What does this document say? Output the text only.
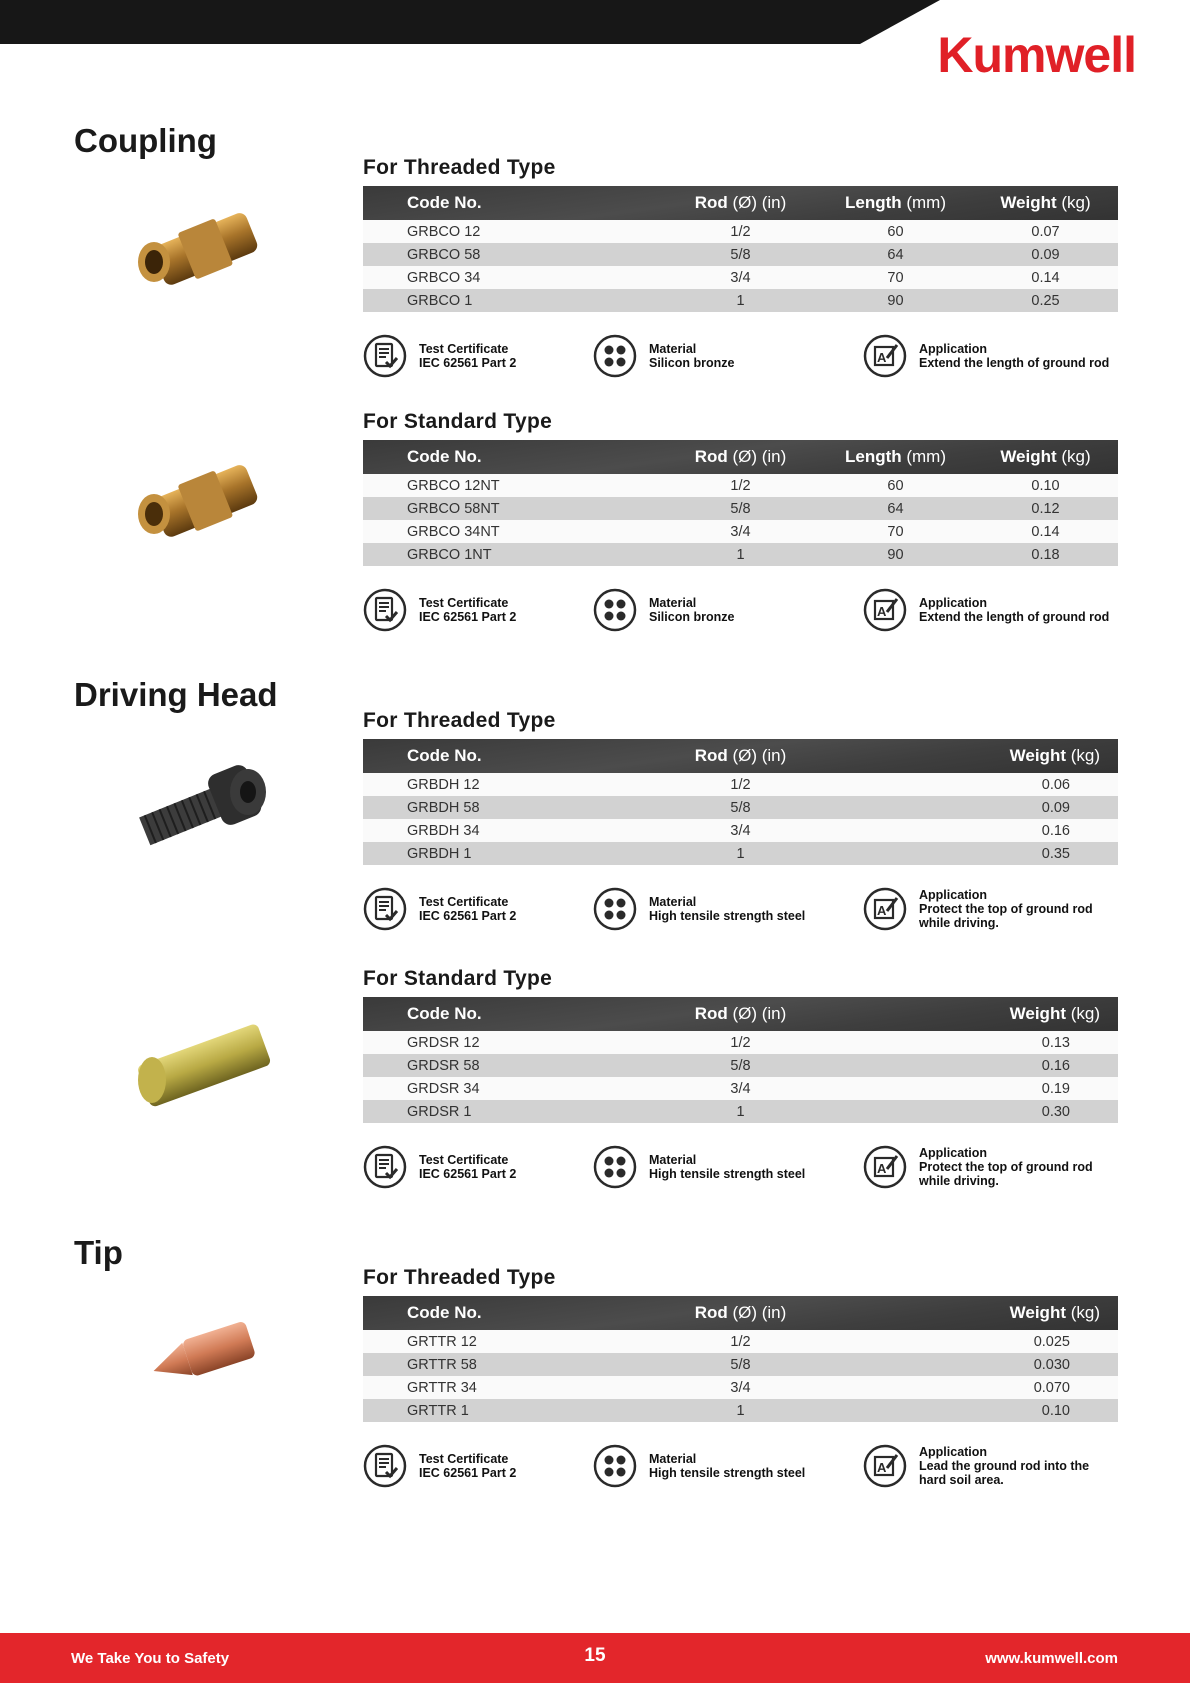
Kumwell
Coupling
Driving Head
Tip
For Threaded Type
Code No.	Rod (Ø) (in)	Length (mm)	Weight (kg)
GRBCO 12	1/2	60	0.07
GRBCO 58	5/8	64	0.09
GRBCO 34	3/4	70	0.14
GRBCO 1	1	90	0.25
Test Certificate
IEC 62561 Part 2
Material
Silicon bronze	A
Application
Extend the length of ground rod
For Standard Type
Code No.	Rod (Ø) (in)	Length (mm)	Weight (kg)
GRBCO 12NT	1/2	60	0.10
GRBCO 58NT	5/8	64	0.12
GRBCO 34NT	3/4	70	0.14
GRBCO 1NT	1	90	0.18
Test Certificate
IEC 62561 Part 2
Material
Silicon bronze	A
Application
Extend the length of ground rod
For Threaded Type
Code No.	Rod (Ø) (in)	Weight (kg)
GRBDH 12	1/2	0.06
GRBDH 58	5/8	0.09
GRBDH 34	3/4	0.16
GRBDH 1	1	0.35
Test Certificate
IEC 62561 Part 2
Material
High tensile strength steel	A
Application
Protect the top of ground rod
while driving.
For Standard Type
Code No.	Rod (Ø) (in)	Weight (kg)
GRDSR 12	1/2	0.13
GRDSR 58	5/8	0.16
GRDSR 34	3/4	0.19
GRDSR 1	1	0.30
Test Certificate
IEC 62561 Part 2
Material
High tensile strength steel	A
Application
Protect the top of ground rod
while driving.
For Threaded Type
Code No.	Rod (Ø) (in)	Weight (kg)
GRTTR 12	1/2	0.025
GRTTR 58	5/8	0.030
GRTTR 34	3/4	0.070
GRTTR 1	1	0.10
Test Certificate
IEC 62561 Part 2
Material
High tensile strength steel	A
Application
Lead the ground rod into the
hard soil area.
We Take You to Safety	15	www.kumwell.com
